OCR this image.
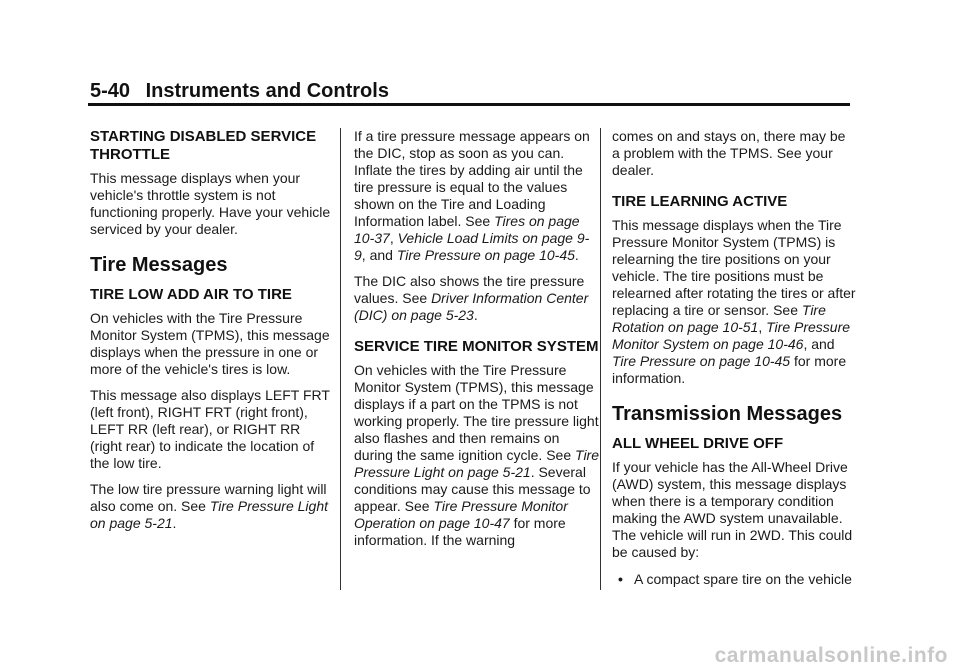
5-40 Instruments and Controls
STARTING DISABLED SERVICE THROTTLE

This message displays when your vehicle's throttle system is not functioning properly. Have your vehicle serviced by your dealer.

Tire Messages
TIRE LOW ADD AIR TO TIRE

On vehicles with the Tire Pressure Monitor System (TPMS), this message displays when the pressure in one or more of the vehicle's tires is low.

This message also displays LEFT FRT (left front), RIGHT FRT (right front), LEFT RR (left rear), or RIGHT RR (right rear) to indicate the location of the low tire.

The low tire pressure warning light will also come on. See Tire Pressure Light on page 5-21.

If a tire pressure message appears on the DIC, stop as soon as you can. Inflate the tires by adding air until the tire pressure is equal to the values shown on the Tire and Loading Information label. See Tires on page 10-37, Vehicle Load Limits on page 9-9, and Tire Pressure on page 10-45.

The DIC also shows the tire pressure values. See Driver Information Center (DIC) on page 5-23.

SERVICE TIRE MONITOR SYSTEM

On vehicles with the Tire Pressure Monitor System (TPMS), this message displays if a part on the TPMS is not working properly. The tire pressure light also flashes and then remains on during the same ignition cycle. See Tire Pressure Light on page 5-21. Several conditions may cause this message to appear. See Tire Pressure Monitor Operation on page 10-47 for more information. If the warning

comes on and stays on, there may be a problem with the TPMS. See your dealer.

TIRE LEARNING ACTIVE

This message displays when the Tire Pressure Monitor System (TPMS) is relearning the tire positions on your vehicle. The tire positions must be relearned after rotating the tires or after replacing a tire or sensor. See Tire Rotation on page 10-51, Tire Pressure Monitor System on page 10-46, and Tire Pressure on page 10-45 for more information.

Transmission Messages
ALL WHEEL DRIVE OFF

If your vehicle has the All-Wheel Drive (AWD) system, this message displays when there is a temporary condition making the AWD system unavailable. The vehicle will run in 2WD. This could be caused by:

• A compact spare tire on the vehicle
carmanualsonline.info
